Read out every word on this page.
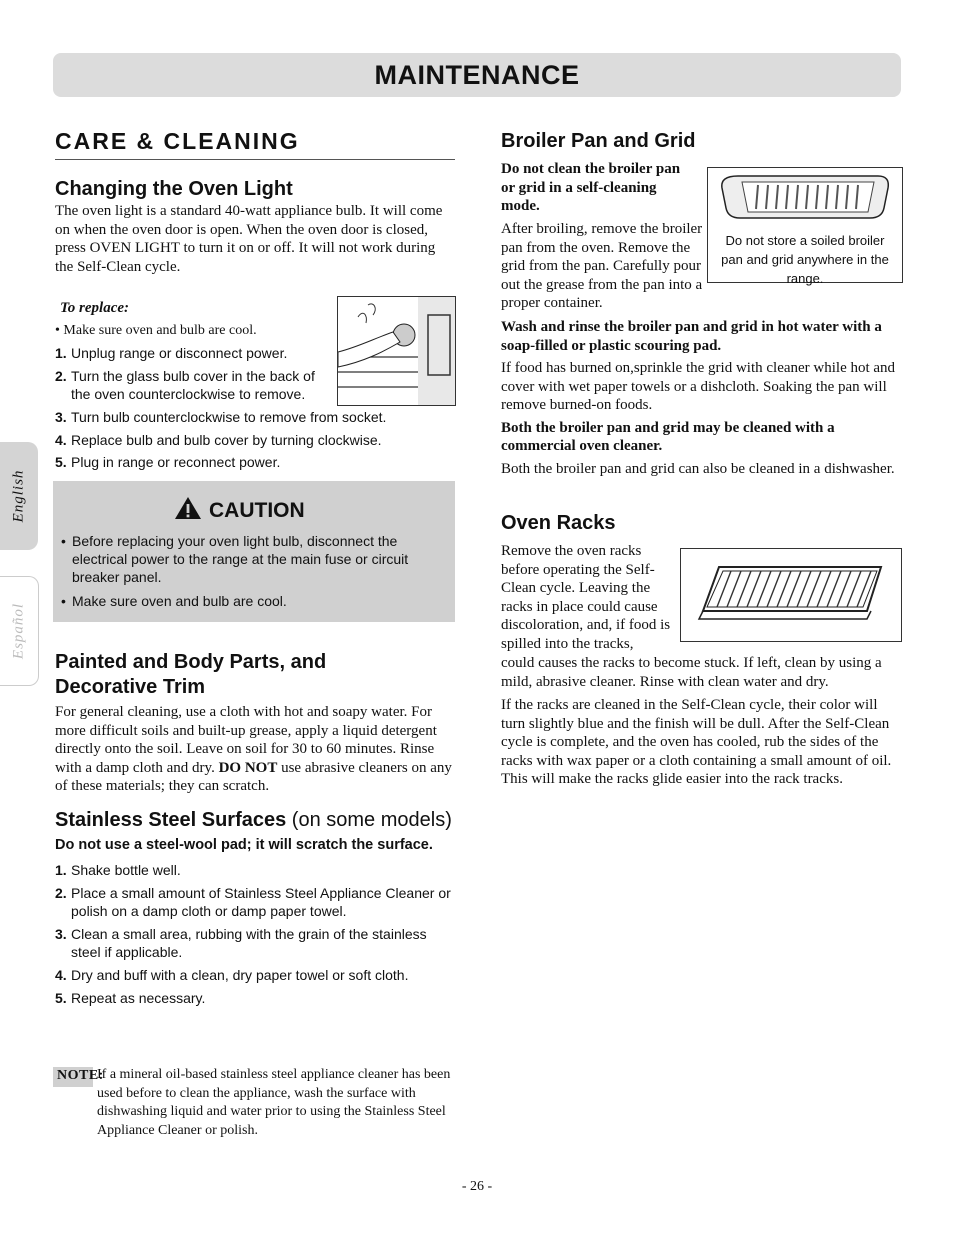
MAINTENANCE
English
Español
CARE & CLEANING
Changing the Oven Light
The oven light is a standard 40-watt appliance bulb. It will come on when the oven door is open. When the oven door is closed, press OVEN LIGHT to turn it on or off. It will not work during the Self-Clean cycle.
To replace:
• Make sure oven and bulb are cool.
1. Unplug range or disconnect power.
2. Turn the glass bulb cover in the back of the oven counterclockwise to remove.
3. Turn bulb counterclockwise to remove from socket.
4. Replace bulb and bulb cover by turning clockwise.
5. Plug in range or reconnect power.
CAUTION
• Before replacing your oven light bulb, disconnect the electrical power to the range at the main fuse or circuit breaker panel.
• Make sure oven and bulb are cool.
Painted and Body Parts, and Decorative Trim
For general cleaning, use a cloth with hot and soapy water. For more difficult soils and built-up grease, apply a liquid detergent directly onto the soil. Leave on soil for 30 to 60 minutes. Rinse with a damp cloth and dry. DO NOT use abrasive cleaners on any of these materials; they can scratch.
Stainless Steel Surfaces (on some models)
Do not use a steel-wool pad; it will scratch the surface.
1. Shake bottle well.
2. Place a small amount of Stainless Steel Appliance Cleaner or polish on a damp cloth or damp paper towel.
3. Clean a small area, rubbing with the grain of the stainless steel if applicable.
4. Dry and buff with a clean, dry paper towel or soft cloth.
5. Repeat as necessary.
NOTE:
If a mineral oil-based stainless steel appliance cleaner has been used before to clean the appliance, wash the surface with dishwashing liquid and water prior to using the Stainless Steel Appliance Cleaner or polish.
Broiler Pan and Grid
Do not clean the broiler pan or grid in a self-cleaning mode.
Do not store a soiled broiler pan and grid anywhere in the range.
After broiling, remove the broiler pan from the oven. Remove the grid from the pan. Carefully pour out the grease from the pan into a proper container.
Wash and rinse the broiler pan and grid in hot water with a soap-filled or plastic scouring pad.
If food has burned on,sprinkle the grid with cleaner while hot and cover with wet paper towels or a dishcloth. Soaking the pan will remove burned-on foods.
Both the broiler pan and grid may be cleaned with a commercial oven cleaner.
Both the broiler pan and grid can also be cleaned in a dishwasher.
Oven Racks
Remove the oven racks before operating the Self-Clean cycle. Leaving the racks in place could cause discoloration, and, if food is spilled into the tracks,
could causes the racks to become stuck. If left, clean by using a mild, abrasive cleaner. Rinse with clean water and dry.
If the racks are cleaned in the Self-Clean cycle, their color will turn slightly blue and the finish will be dull. After the Self-Clean cycle is complete, and the oven has cooled, rub the sides of the racks with wax paper or a cloth containing a small amount of oil. This will make the racks glide easier into the rack tracks.
- 26 -
